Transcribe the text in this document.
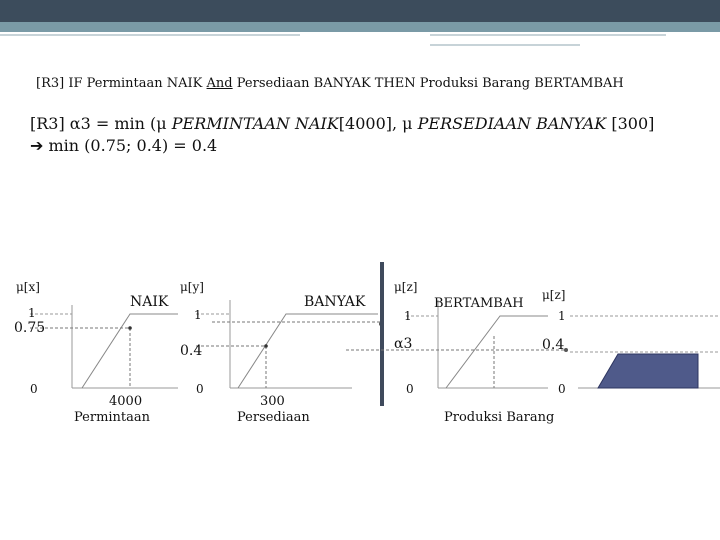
[R3] IF Permintaan NAIK And Persediaan BANYAK THEN Produksi Barang BERTAMBAH
[R3] α3 = min (μ PERMINTAAN NAIK[4000], μ PERSEDIAAN BANYAK [300]
➔ min (0.75; 0.4) = 0.4
μ[x]
1
0.75
0
NAIK
4000
Permintaan
μ[y]
1
0.4
0
BANYAK
300
Persediaan
μ[z]
1
α3
0
BERTAMBAH
Produksi Barang
μ[z]
1
0.4
0
